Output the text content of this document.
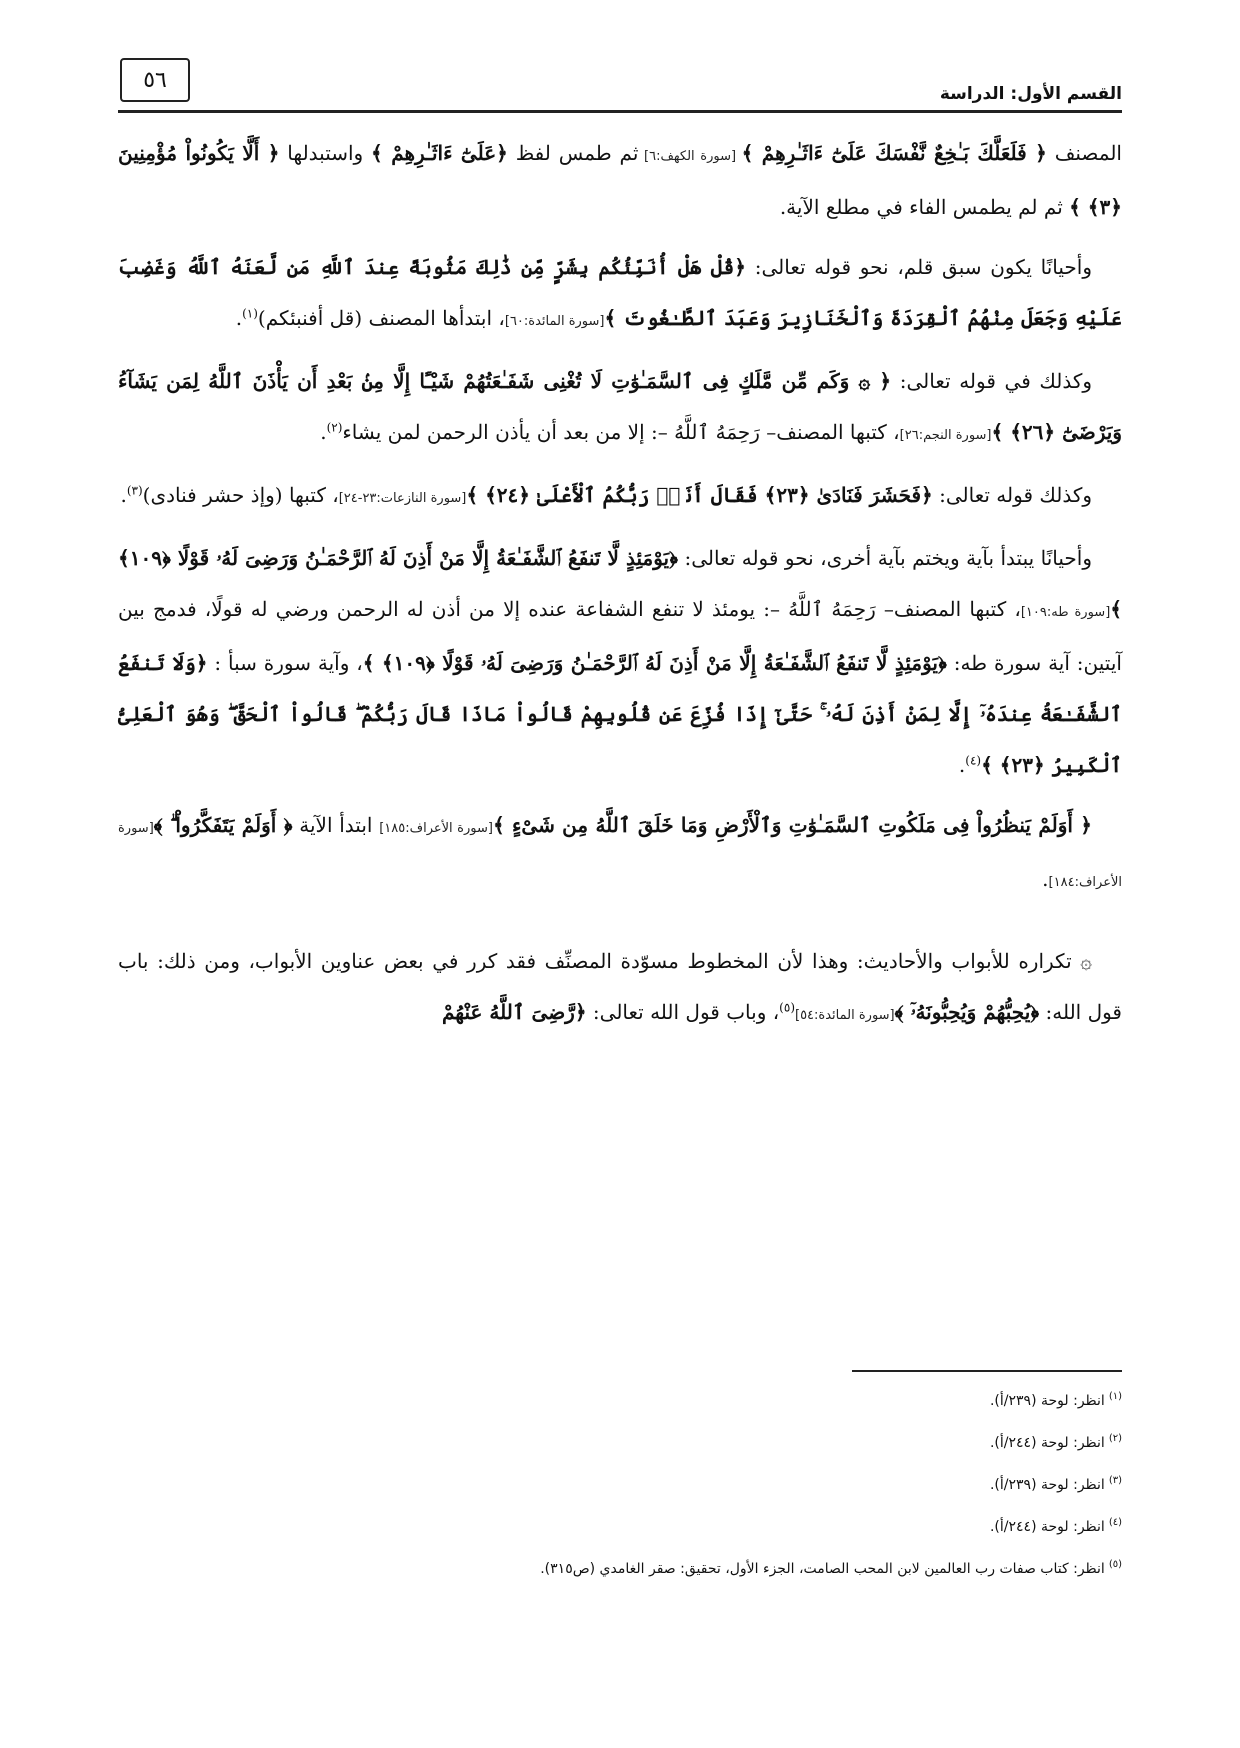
القسم الأول: الدراسة
٥٦

المصنف ﴿ فَلَعَلَّكَ بَـٰخِعٌ نَّفْسَكَ عَلَىٰٓ ءَاثَـٰرِهِمْ ﴾ [سورة الكهف:٦] ثم طمس لفظ ﴿عَلَىٰٓ ءَاثَـٰرِهِمْ ﴾ واستبدلها ﴿ أَلَّا يَكُونُواْ مُؤْمِنِينَ ﴿٣﴾ ﴾ ثم لم يطمس الفاء في مطلع الآية.

وأحيانًا يكون سبق قلم، نحو قوله تعالى: ﴿قُلْ هَلْ أُنَبِّئُكُم بِشَرٍّ مِّن ذَٰلِكَ مَثُوبَةً عِندَ ٱللَّهِ مَن لَّعَنَهُ ٱللَّهُ وَغَضِبَ عَلَيْهِ وَجَعَلَ مِنْهُمُ ٱلْقِرَدَةَ وَٱلْخَنَازِيرَ وَعَبَدَ ٱلطَّـٰغُوتَ ﴾[سورة المائدة:٦٠]، ابتدأها المصنف (قل أفنبئكم)$^{(١)}$.

وكذلك في قوله تعالى: ﴿ ۞ وَكَم مِّن مَّلَكٍ فِى ٱلسَّمَـٰوَٰتِ لَا تُغْنِى شَفَـٰعَتُهُمْ شَيْـًٔا إِلَّا مِنۢ بَعْدِ أَن يَأْذَنَ ٱللَّهُ لِمَن يَشَآءُ وَيَرْضَىٰٓ ﴿٢٦﴾ ﴾[سورة النجم:٢٦]، كتبها المصنف– رَحِمَهُ ٱللَّهُ –: إلا من بعد أن يأذن الرحمن لمن يشاء$^{(٢)}$.

وكذلك قوله تعالى: ﴿فَحَشَرَ فَنَادَىٰ ﴿٢٣﴾ فَقَالَ أَنَا۠ رَبُّكُمُ ٱلْأَعْلَىٰ ﴿٢٤﴾ ﴾[سورة النازعات:٢٣-٢٤]، كتبها (وإذ حشر فنادى)$^{(٣)}$.

وأحيانًا يبتدأ بآية ويختم بآية أخرى، نحو قوله تعالى: ﴿يَوْمَئِذٍ لَّا تَنفَعُ ٱلشَّفَـٰعَةُ إِلَّا مَنْ أَذِنَ لَهُ ٱلرَّحْمَـٰنُ وَرَضِىَ لَهُۥ قَوْلًا ﴿١٠٩﴾ ﴾[سورة طه:١٠٩]، كتبها المصنف– رَحِمَهُ ٱللَّهُ –: يومئذ لا تنفع الشفاعة عنده إلا من أذن له الرحمن ورضي له قولًا، فدمج بين آيتين: آية سورة طه: ﴿يَوْمَئِذٍ لَّا تَنفَعُ ٱلشَّفَـٰعَةُ إِلَّا مَنْ أَذِنَ لَهُ ٱلرَّحْمَـٰنُ وَرَضِىَ لَهُۥ قَوْلًا ﴿١٠٩﴾ ﴾، وآية سورة سبأ : ﴿وَلَا تَنفَعُ ٱلشَّفَـٰعَةُ عِندَهُۥٓ إِلَّا لِمَنْ أَذِنَ لَهُۥ ۚ حَتَّىٰٓ إِذَا فُزِّعَ عَن قُلُوبِهِمْ قَالُواْ مَاذَا قَالَ رَبُّكُمْ ۖ قَالُواْ ٱلْحَقَّ ۖ وَهُوَ ٱلْعَلِىُّ ٱلْكَبِيرُ ﴿٢٣﴾ ﴾$^{(٤)}$.

﴿ أَوَلَمْ يَنظُرُواْ فِى مَلَكُوتِ ٱلسَّمَـٰوَٰتِ وَٱلْأَرْضِ وَمَا خَلَقَ ٱللَّهُ مِن شَىْءٍ ﴾[سورة الأعراف:١٨٥] ابتدأ الآية ﴿ أَوَلَمْ يَتَفَكَّرُواْ ۗ ﴾[سورة الأعراف:١٨٤].

۞ تكراره للأبواب والأحاديث: وهذا لأن المخطوط مسوّدة المصنِّف فقد كرر في بعض عناوين الأبواب، ومن ذلك: باب قول الله: ﴿يُحِبُّهُمْ وَيُحِبُّونَهُۥٓ ﴾[سورة المائدة:٥٤]$^{(٥)}$، وباب قول الله تعالى: ﴿رَّضِىَ ٱللَّهُ عَنْهُمْ

$^{(١)}$انظر: لوحة (٢٣٩/أ).
$^{(٢)}$انظر: لوحة (٢٤٤/أ).
$^{(٣)}$انظر: لوحة (٢٣٩/أ).
$^{(٤)}$انظر: لوحة (٢٤٤/أ).
$^{(٥)}$انظر: كتاب صفات رب العالمين لابن المحب الصامت، الجزء الأول، تحقيق: صقر الغامدي (ص٣١٥).
